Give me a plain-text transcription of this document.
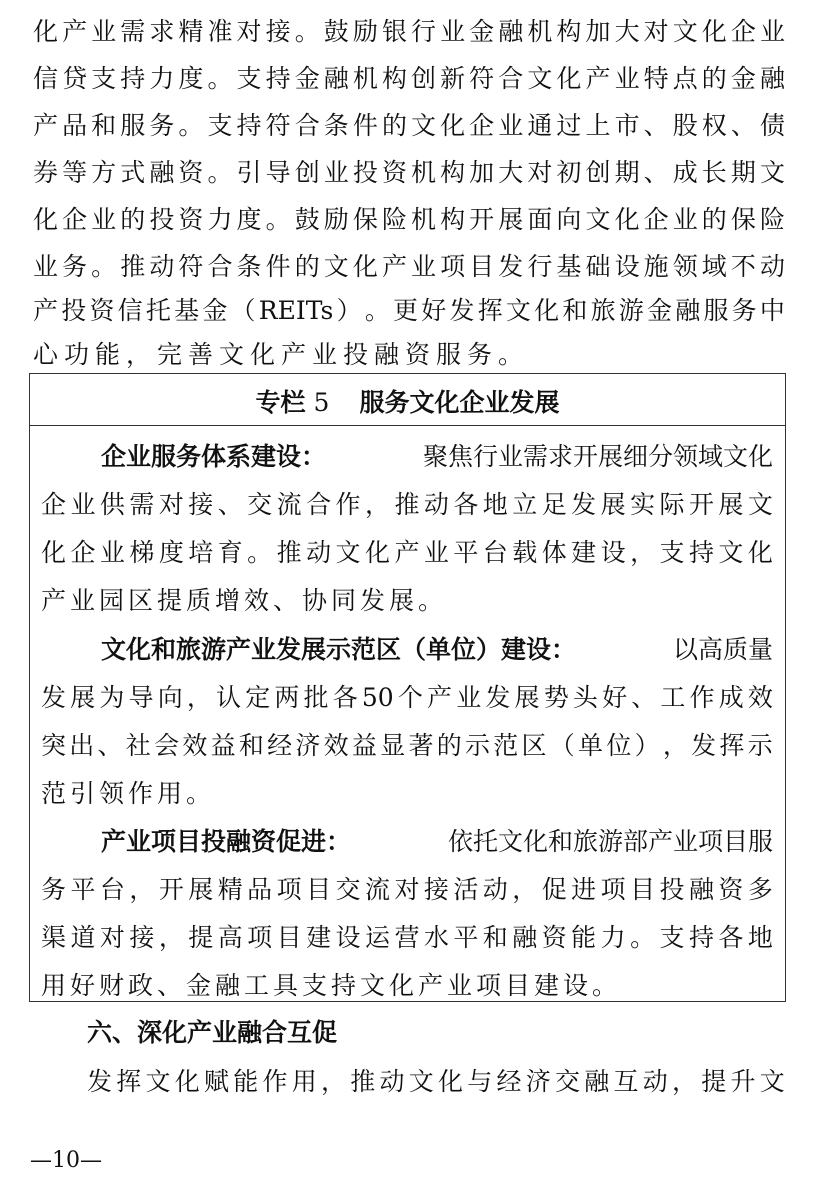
化 产 业 需 求 精 准 对 接 。 鼓 励 银 行 业 金 融 机 构 加 大 对 文 化 企 业
信 贷 支 持 力 度 。 支 持 金 融 机 构 创 新 符 合 文 化 产 业 特 点 的 金 融
产 品 和 服 务 。 支 持 符 合 条 件 的 文 化 企 业 通 过 上 市 、 股 权 、 债
券 等 方 式 融 资 。 引 导 创 业 投 资 机 构 加 大 对 初 创 期 、 成 长 期 文
化 企 业 的 投 资 力 度 。 鼓 励 保 险 机 构 开 展 面 向 文 化 企 业 的 保 险
业 务 。 推 动 符 合 条 件 的 文 化 产 业 项 目 发 行 基 础 设 施 领 域 不 动
产 投 资 信 托 基 金 （ REITs ） 。 更 好 发 挥 文 化 和 旅 游 金 融 服 务 中
心功能，完善文化产业投融资服务。
专栏 5 服务文化企业发展
企业服务体系建设：	聚焦行业需求开展细分领域文化
企 业 供 需 对 接 、 交 流 合 作 ， 推 动 各 地 立 足 发 展 实 际 开 展 文
化 企 业 梯 度 培 育 。 推 动 文 化 产 业 平 台 载 体 建 设 ， 支 持 文 化
产业园区提质增效、协同发展。
文化和旅游产业发展示范区（单位）建设：	以高质量
发 展 为 导 向 ， 认 定 两 批 各 50 个 产 业 发 展 势 头 好 、 工 作 成 效
突 出 、 社 会 效 益 和 经 济 效 益 显 著 的 示 范 区 （ 单 位 ） ， 发 挥 示
范引领作用。
产业项目投融资促进：	依托文化和旅游部产业项目服
务 平 台 ， 开 展 精 品 项 目 交 流 对 接 活 动 ， 促 进 项 目 投 融 资 多
渠 道 对 接 ， 提 高 项 目 建 设 运 营 水 平 和 融 资 能 力 。 支 持 各 地
用好财政、金融工具支持文化产业项目建设。
六、深化产业融合互促
发 挥 文 化 赋 能 作 用 ， 推 动 文 化 与 经 济 交 融 互 动 ， 提 升 文
—10—
